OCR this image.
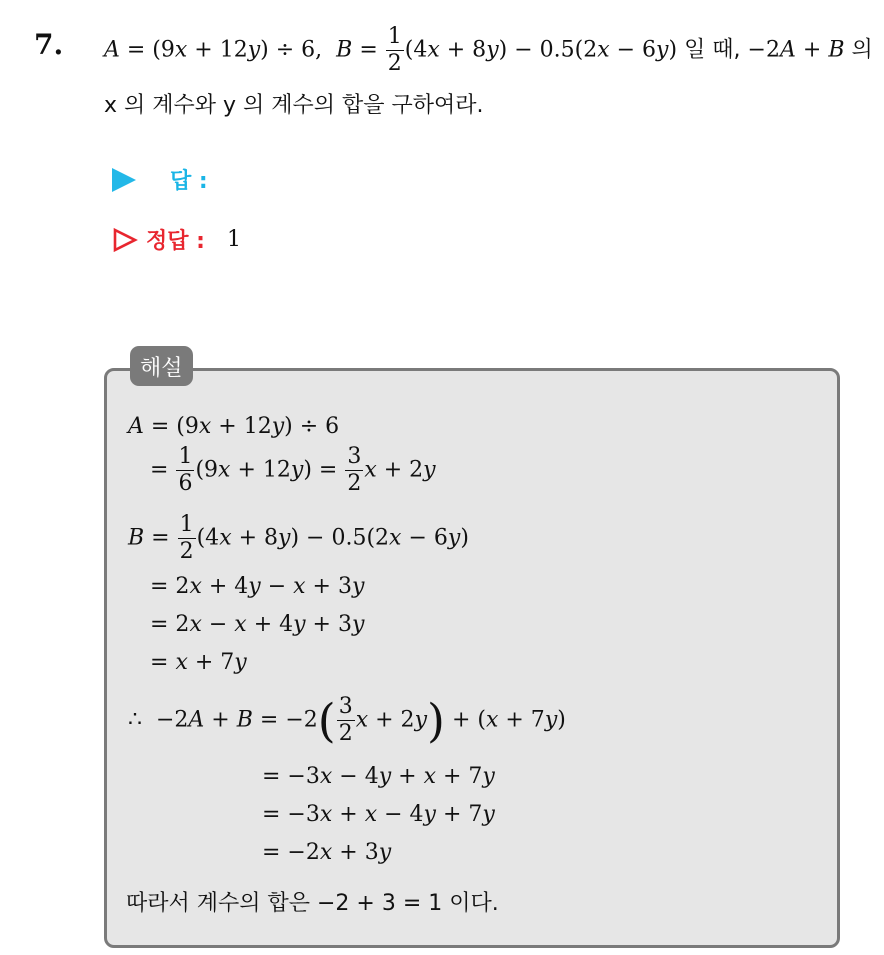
7. A = (9x + 12y) ÷ 6,  $B = \frac{1}{2} (4x + 8y) - 0.5(2x - 6y)$ 일 때, −2A + B 의
x 의 계수와 y 의 계수의 합을 구하여라.
답 :
정답 : 1
해설
A = (9x + 12y) ÷ 6
= $\frac{1}{6} (9x + 12y) = \frac{3}{2}$ x + 2y
$B = \frac{1}{2} (4x + 8y) - 0.5(2x - 6y)$
= 2x + 4y − x + 3y
= 2x − x + 4y + 3y
= x + 7y
∴  $-2A + B = -2( \frac{3}{2}$ x + 2y) + (x + 7y)
= −3x − 4y + x + 7y
= −3x + x − 4y + 7y
= −2x + 3y
따라서 계수의 합은 −2 + 3 = 1 이다.
